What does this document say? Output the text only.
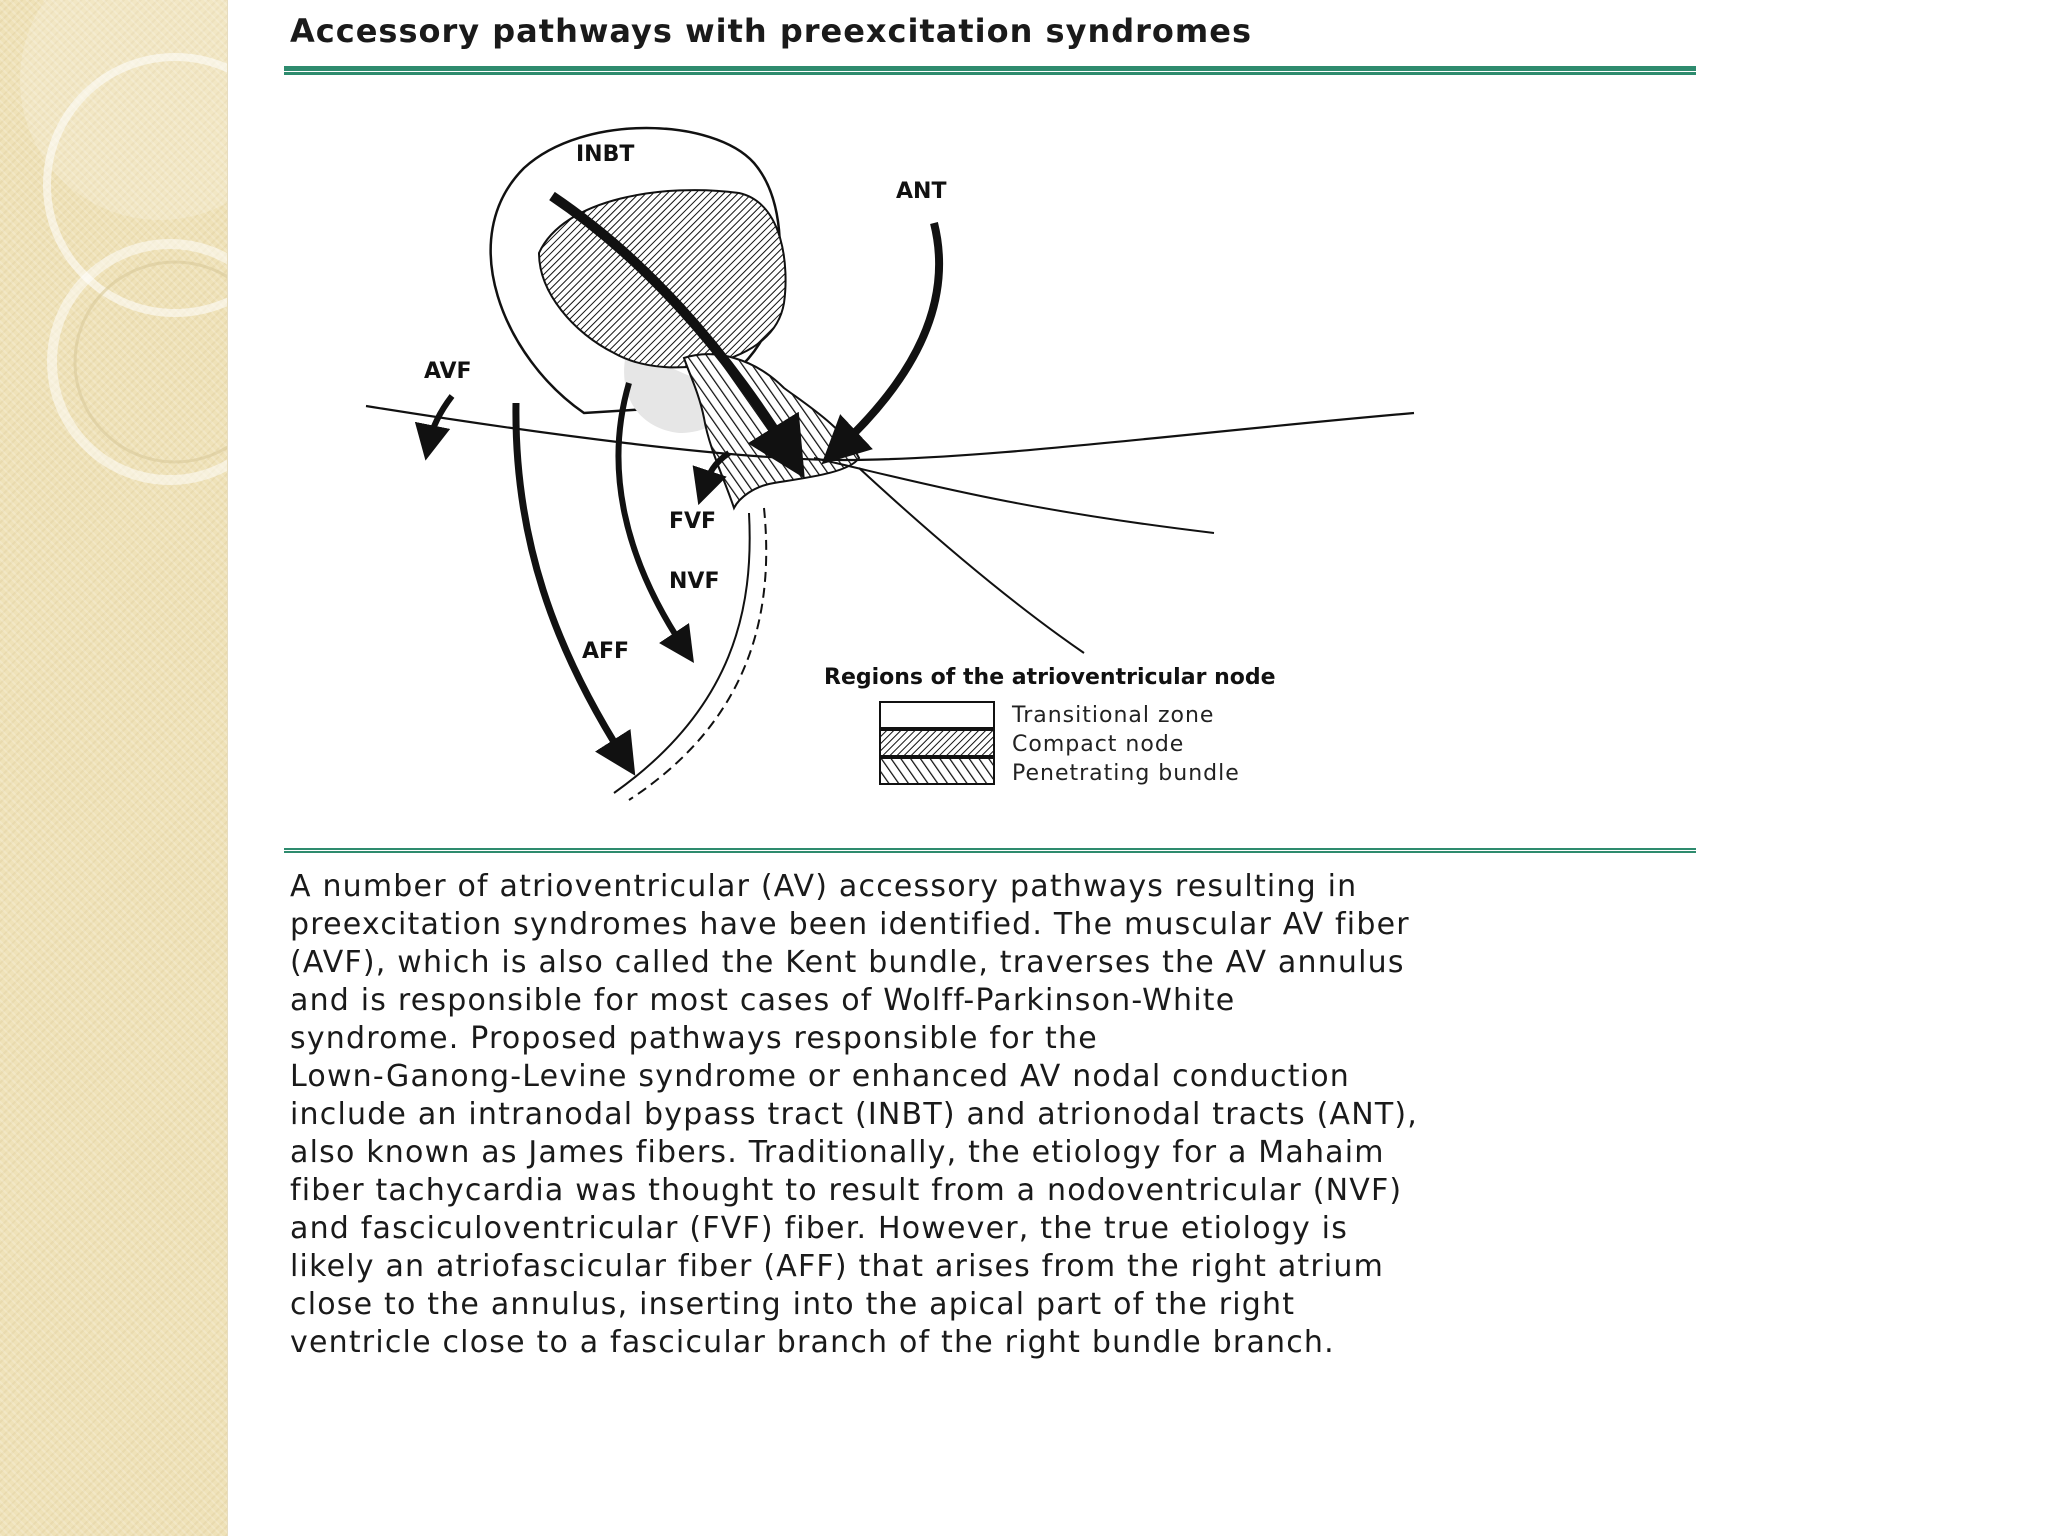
Accessory pathways with preexcitation syndromes
INBT
ANT
AVF
FVF
NVF
AFF
Regions of the atrioventricular node
Transitional zone
Compact node
Penetrating bundle

A number of atrioventricular (AV) accessory pathways resulting in
preexcitation syndromes have been identified. The muscular AV fiber
(AVF), which is also called the Kent bundle, traverses the AV annulus
and is responsible for most cases of Wolff-Parkinson-White
syndrome. Proposed pathways responsible for the
Lown-Ganong-Levine syndrome or enhanced AV nodal conduction
include an intranodal bypass tract (INBT) and atrionodal tracts (ANT),
also known as James fibers. Traditionally, the etiology for a Mahaim
fiber tachycardia was thought to result from a nodoventricular (NVF)
and fasciculoventricular (FVF) fiber. However, the true etiology is
likely an atriofascicular fiber (AFF) that arises from the right atrium
close to the annulus, inserting into the apical part of the right
ventricle close to a fascicular branch of the right bundle branch.
